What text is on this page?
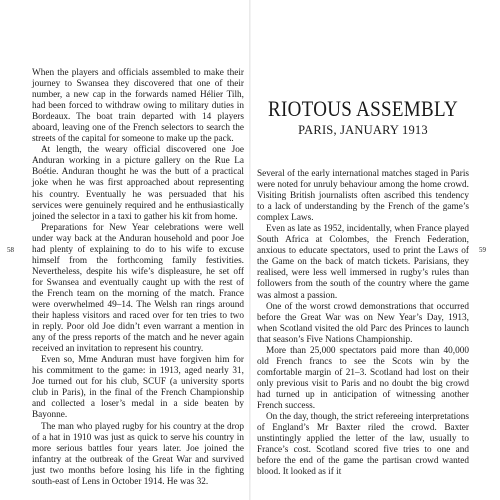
58

When the players and officials assembled to make their journey to Swansea they discovered that one of their number, a new cap in the forwards named Hélier Tilh, had been forced to withdraw owing to military duties in Bordeaux. The boat train departed with 14 players aboard, leaving one of the French selectors to search the streets of the capital for someone to make up the pack.

At length, the weary official discovered one Joe Anduran working in a picture gallery on the Rue La Boétie. Anduran thought he was the butt of a practical joke when he was first approached about representing his country. Eventually he was persuaded that his services were genuinely required and he enthusiastically joined the selector in a taxi to gather his kit from home.

Preparations for New Year celebrations were well under way back at the Anduran household and poor Joe had plenty of explaining to do to his wife to excuse himself from the forthcoming family festivities. Nevertheless, despite his wife’s displeasure, he set off for Swansea and eventually caught up with the rest of the French team on the morning of the match. France were overwhelmed 49–14. The Welsh ran rings around their hapless visitors and raced over for ten tries to two in reply. Poor old Joe didn’t even warrant a mention in any of the press reports of the match and he never again received an invitation to represent his country.

Even so, Mme Anduran must have forgiven him for his commitment to the game: in 1913, aged nearly 31, Joe turned out for his club, SCUF (a university sports club in Paris), in the final of the French Championship and collected a loser’s medal in a side beaten by Bayonne.

The man who played rugby for his country at the drop of a hat in 1910 was just as quick to serve his country in more serious battles four years later. Joe joined the infantry at the outbreak of the Great War and survived just two months before losing his life in the fighting south-east of Lens in October 1914. He was 32.

RIOTOUS ASSEMBLY
PARIS, JANUARY 1913
59

Several of the early international matches staged in Paris were noted for unruly behaviour among the home crowd. Visiting British journalists often ascribed this tendency to a lack of understanding by the French of the game’s complex Laws.

Even as late as 1952, incidentally, when France played South Africa at Colombes, the French Federation, anxious to educate spectators, used to print the Laws of the Game on the back of match tickets. Parisians, they realised, were less well immersed in rugby’s rules than followers from the south of the country where the game was almost a passion.

One of the worst crowd demonstrations that occurred before the Great War was on New Year’s Day, 1913, when Scotland visited the old Parc des Princes to launch that season’s Five Nations Championship.

More than 25,000 spectators paid more than 40,000 old French francs to see the Scots win by the comfortable margin of 21–3. Scotland had lost on their only previous visit to Paris and no doubt the big crowd had turned up in anticipation of witnessing another French success.

On the day, though, the strict refereeing interpretations of England’s Mr Baxter riled the crowd. Baxter unstintingly applied the letter of the law, usually to France’s cost. Scotland scored five tries to one and before the end of the game the partisan crowd wanted blood. It looked as if it
